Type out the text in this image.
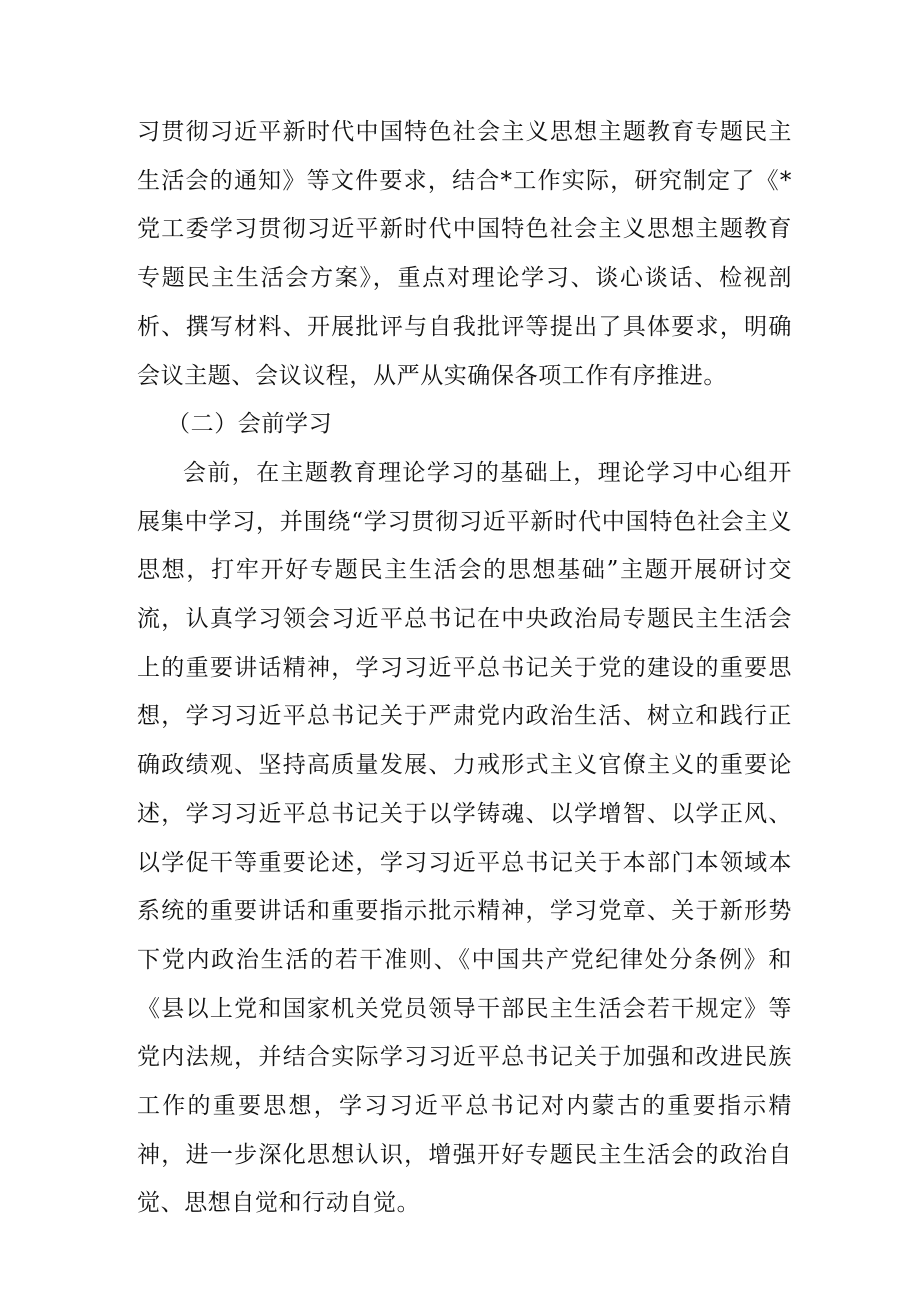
习贯彻习近平新时代中国特色社会主义思想主题教育专题民主生活会的通知》等文件要求，结合*工作实际，研究制定了《*党工委学习贯彻习近平新时代中国特色社会主义思想主题教育专题民主生活会方案》，重点对理论学习、谈心谈话、检视剖析、撰写材料、开展批评与自我批评等提出了具体要求，明确会议主题、会议议程，从严从实确保各项工作有序推进。

（二）会前学习

会前，在主题教育理论学习的基础上，理论学习中心组开展集中学习，并围绕“学习贯彻习近平新时代中国特色社会主义思想，打牢开好专题民主生活会的思想基础”主题开展研讨交流，认真学习领会习近平总书记在中央政治局专题民主生活会上的重要讲话精神，学习习近平总书记关于党的建设的重要思想，学习习近平总书记关于严肃党内政治生活、树立和践行正确政绩观、坚持高质量发展、力戒形式主义官僚主义的重要论述，学习习近平总书记关于以学铸魂、以学增智、以学正风、以学促干等重要论述，学习习近平总书记关于本部门本领域本系统的重要讲话和重要指示批示精神，学习党章、关于新形势下党内政治生活的若干准则、《中国共产党纪律处分条例》和《县以上党和国家机关党员领导干部民主生活会若干规定》等党内法规，并结合实际学习习近平总书记关于加强和改进民族工作的重要思想，学习习近平总书记对内蒙古的重要指示精神，进一步深化思想认识，增强开好专题民主生活会的政治自觉、思想自觉和行动自觉。
